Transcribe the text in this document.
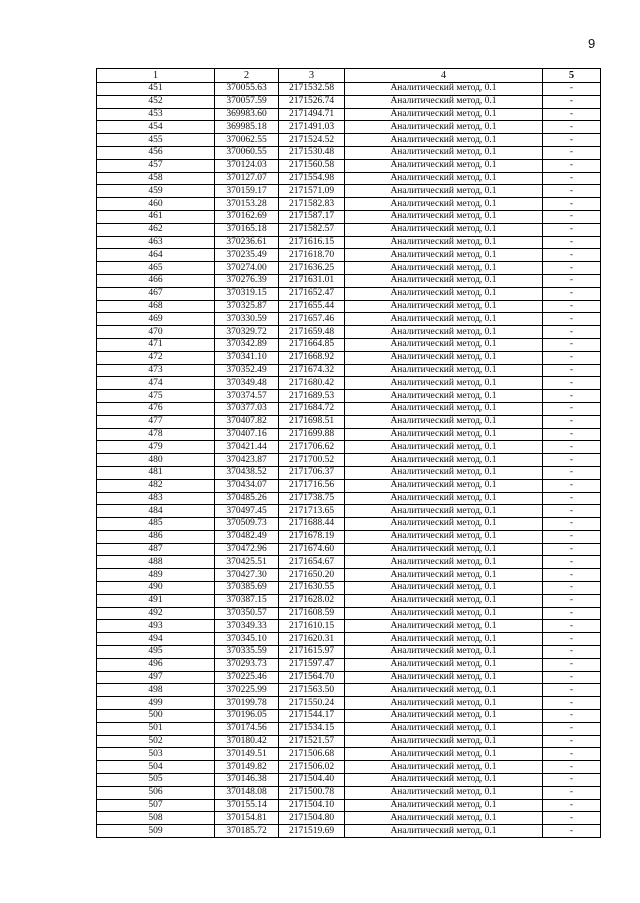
9
1	2	3	4	5
451	370055.63	2171532.58	Аналитический метод, 0.1	-
452	370057.59	2171526.74	Аналитический метод, 0.1	-
453	369983.60	2171494.71	Аналитический метод, 0.1	-
454	369985.18	2171491.03	Аналитический метод, 0.1	-
455	370062.55	2171524.52	Аналитический метод, 0.1	-
456	370060.55	2171530.48	Аналитический метод, 0.1	-
457	370124.03	2171560.58	Аналитический метод, 0.1	-
458	370127.07	2171554.98	Аналитический метод, 0.1	-
459	370159.17	2171571.09	Аналитический метод, 0.1	-
460	370153.28	2171582.83	Аналитический метод, 0.1	-
461	370162.69	2171587.17	Аналитический метод, 0.1	-
462	370165.18	2171582.57	Аналитический метод, 0.1	-
463	370236.61	2171616.15	Аналитический метод, 0.1	-
464	370235.49	2171618.70	Аналитический метод, 0.1	-
465	370274.00	2171636.25	Аналитический метод, 0.1	-
466	370276.39	2171631.01	Аналитический метод, 0.1	-
467	370319.15	2171652.47	Аналитический метод, 0.1	-
468	370325.87	2171655.44	Аналитический метод, 0.1	-
469	370330.59	2171657.46	Аналитический метод, 0.1	-
470	370329.72	2171659.48	Аналитический метод, 0.1	-
471	370342.89	2171664.85	Аналитический метод, 0.1	-
472	370341.10	2171668.92	Аналитический метод, 0.1	-
473	370352.49	2171674.32	Аналитический метод, 0.1	-
474	370349.48	2171680.42	Аналитический метод, 0.1	-
475	370374.57	2171689.53	Аналитический метод, 0.1	-
476	370377.03	2171684.72	Аналитический метод, 0.1	-
477	370407.82	2171698.51	Аналитический метод, 0.1	-
478	370407.16	2171699.88	Аналитический метод, 0.1	-
479	370421.44	2171706.62	Аналитический метод, 0.1	-
480	370423.87	2171700.52	Аналитический метод, 0.1	-
481	370438.52	2171706.37	Аналитический метод, 0.1	-
482	370434.07	2171716.56	Аналитический метод, 0.1	-
483	370485.26	2171738.75	Аналитический метод, 0.1	-
484	370497.45	2171713.65	Аналитический метод, 0.1	-
485	370509.73	2171688.44	Аналитический метод, 0.1	-
486	370482.49	2171678.19	Аналитический метод, 0.1	-
487	370472.96	2171674.60	Аналитический метод, 0.1	-
488	370425.51	2171654.67	Аналитический метод, 0.1	-
489	370427.30	2171650.20	Аналитический метод, 0.1	-
490	370385.69	2171630.55	Аналитический метод, 0.1	-
491	370387.15	2171628.02	Аналитический метод, 0.1	-
492	370350.57	2171608.59	Аналитический метод, 0.1	-
493	370349.33	2171610.15	Аналитический метод, 0.1	-
494	370345.10	2171620.31	Аналитический метод, 0.1	-
495	370335.59	2171615.97	Аналитический метод, 0.1	-
496	370293.73	2171597.47	Аналитический метод, 0.1	-
497	370225.46	2171564.70	Аналитический метод, 0.1	-
498	370225.99	2171563.50	Аналитический метод, 0.1	-
499	370199.78	2171550.24	Аналитический метод, 0.1	-
500	370196.05	2171544.17	Аналитический метод, 0.1	-
501	370174.56	2171534.15	Аналитический метод, 0.1	-
502	370180.42	2171521.57	Аналитический метод, 0.1	-
503	370149.51	2171506.68	Аналитический метод, 0.1	-
504	370149.82	2171506.02	Аналитический метод, 0.1	-
505	370146.38	2171504.40	Аналитический метод, 0.1	-
506	370148.08	2171500.78	Аналитический метод, 0.1	-
507	370155.14	2171504.10	Аналитический метод, 0.1	-
508	370154.81	2171504.80	Аналитический метод, 0.1	-
509	370185.72	2171519.69	Аналитический метод, 0.1	-
